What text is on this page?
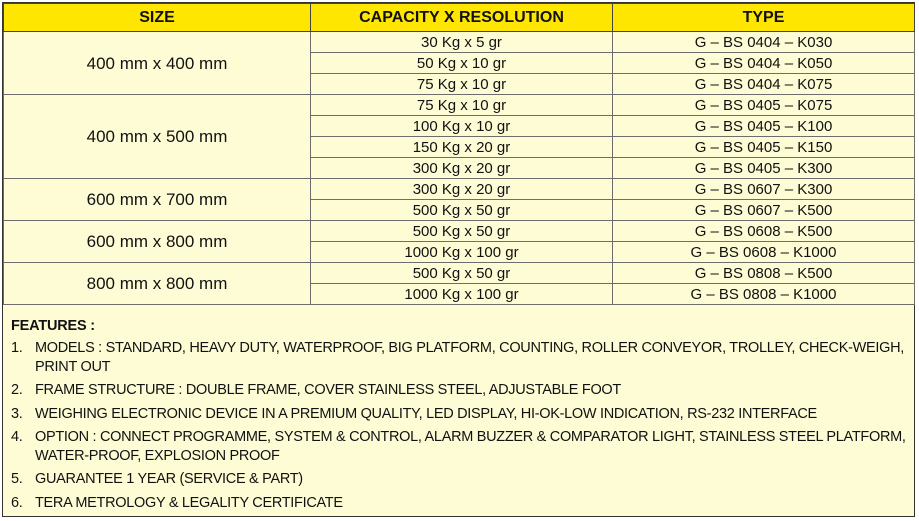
SIZE	CAPACITY X RESOLUTION	TYPE
400 mm x 400 mm	30 Kg x 5 gr	G – BS 0404 – K030
	50 Kg x 10 gr	G – BS 0404 – K050
	75 Kg x 10 gr	G – BS 0404 – K075
400 mm x 500 mm	75 Kg x 10 gr	G – BS 0405 – K075
	100 Kg x 10 gr	G – BS 0405 – K100
	150 Kg x 20 gr	G – BS 0405 – K150
	300 Kg x 20 gr	G – BS 0405 – K300
600 mm x 700 mm	300 Kg x 20 gr	G – BS 0607 – K300
	500 Kg x 50 gr	G – BS 0607 – K500
600 mm x 800 mm	500 Kg x 50 gr	G – BS 0608 – K500
	1000 Kg x 100 gr	G – BS 0608 – K1000
800 mm x 800 mm	500 Kg x 50 gr	G – BS 0808 – K500
	1000 Kg x 100 gr	G – BS 0808 – K1000
FEATURES :
1. MODELS : STANDARD, HEAVY DUTY, WATERPROOF, BIG PLATFORM, COUNTING, ROLLER CONVEYOR, TROLLEY, CHECK-WEIGH, PRINT OUT
2. FRAME STRUCTURE : DOUBLE FRAME, COVER STAINLESS STEEL, ADJUSTABLE FOOT
3. WEIGHING ELECTRONIC DEVICE IN A PREMIUM QUALITY, LED DISPLAY, HI-OK-LOW INDICATION, RS-232 INTERFACE
4. OPTION : CONNECT PROGRAMME, SYSTEM & CONTROL, ALARM BUZZER & COMPARATOR LIGHT, STAINLESS STEEL PLATFORM, WATER-PROOF, EXPLOSION PROOF
5. GUARANTEE 1 YEAR (SERVICE & PART)
6. TERA METROLOGY & LEGALITY CERTIFICATE
